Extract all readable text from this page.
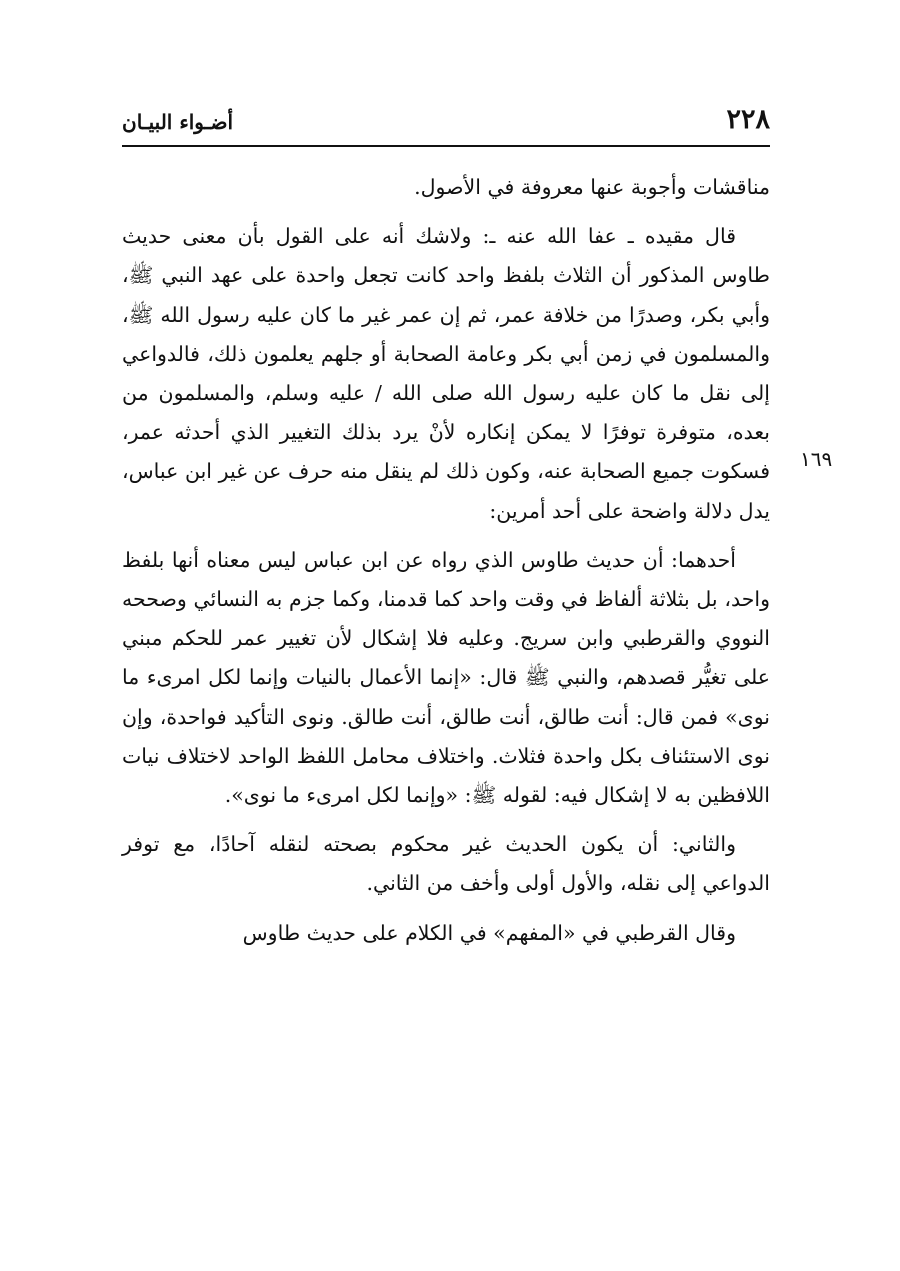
٢٢٨
أضـواء البيـان
١٦٩

مناقشات وأجوبة عنها معروفة في الأصول.

قال مقيده ـ عفا الله عنه ـ: ولاشك أنه على القول بأن معنى حديث طاوس المذكور أن الثلاث بلفظ واحد كانت تجعل واحدة على عهد النبي ﷺ، وأبي بكر، وصدرًا من خلافة عمر، ثم إن عمر غير ما كان عليه رسول الله ﷺ، والمسلمون في زمن أبي بكر وعامة الصحابة أو جلهم يعلمون ذلك، فالدواعي إلى نقل ما كان عليه رسول الله صلى الله / عليه وسلم، والمسلمون من بعده، متوفرة توفرًا لا يمكن إنكاره لأنْ يرد بذلك التغيير الذي أحدثه عمر، فسكوت جميع الصحابة عنه، وكون ذلك لم ينقل منه حرف عن غير ابن عباس، يدل دلالة واضحة على أحد أمرين:

أحدهما: أن حديث طاوس الذي رواه عن ابن عباس ليس معناه أنها بلفظ واحد، بل بثلاثة ألفاظ في وقت واحد كما قدمنا، وكما جزم به النسائي وصححه النووي والقرطبي وابن سريج. وعليه فلا إشكال لأن تغيير عمر للحكم مبني على تغيُّر قصدهم، والنبي ﷺ قال: «إنما الأعمال بالنيات وإنما لكل امرىء ما نوى» فمن قال: أنت طالق، أنت طالق، أنت طالق. ونوى التأكيد فواحدة، وإن نوى الاستئناف بكل واحدة فثلاث. واختلاف محامل اللفظ الواحد لاختلاف نيات اللافظين به لا إشكال فيه: لقوله ﷺ: «وإنما لكل امرىء ما نوى».

والثاني: أن يكون الحديث غير محكوم بصحته لنقله آحادًا، مع توفر الدواعي إلى نقله، والأول أولى وأخف من الثاني.

وقال القرطبي في «المفهم» في الكلام على حديث طاوس
